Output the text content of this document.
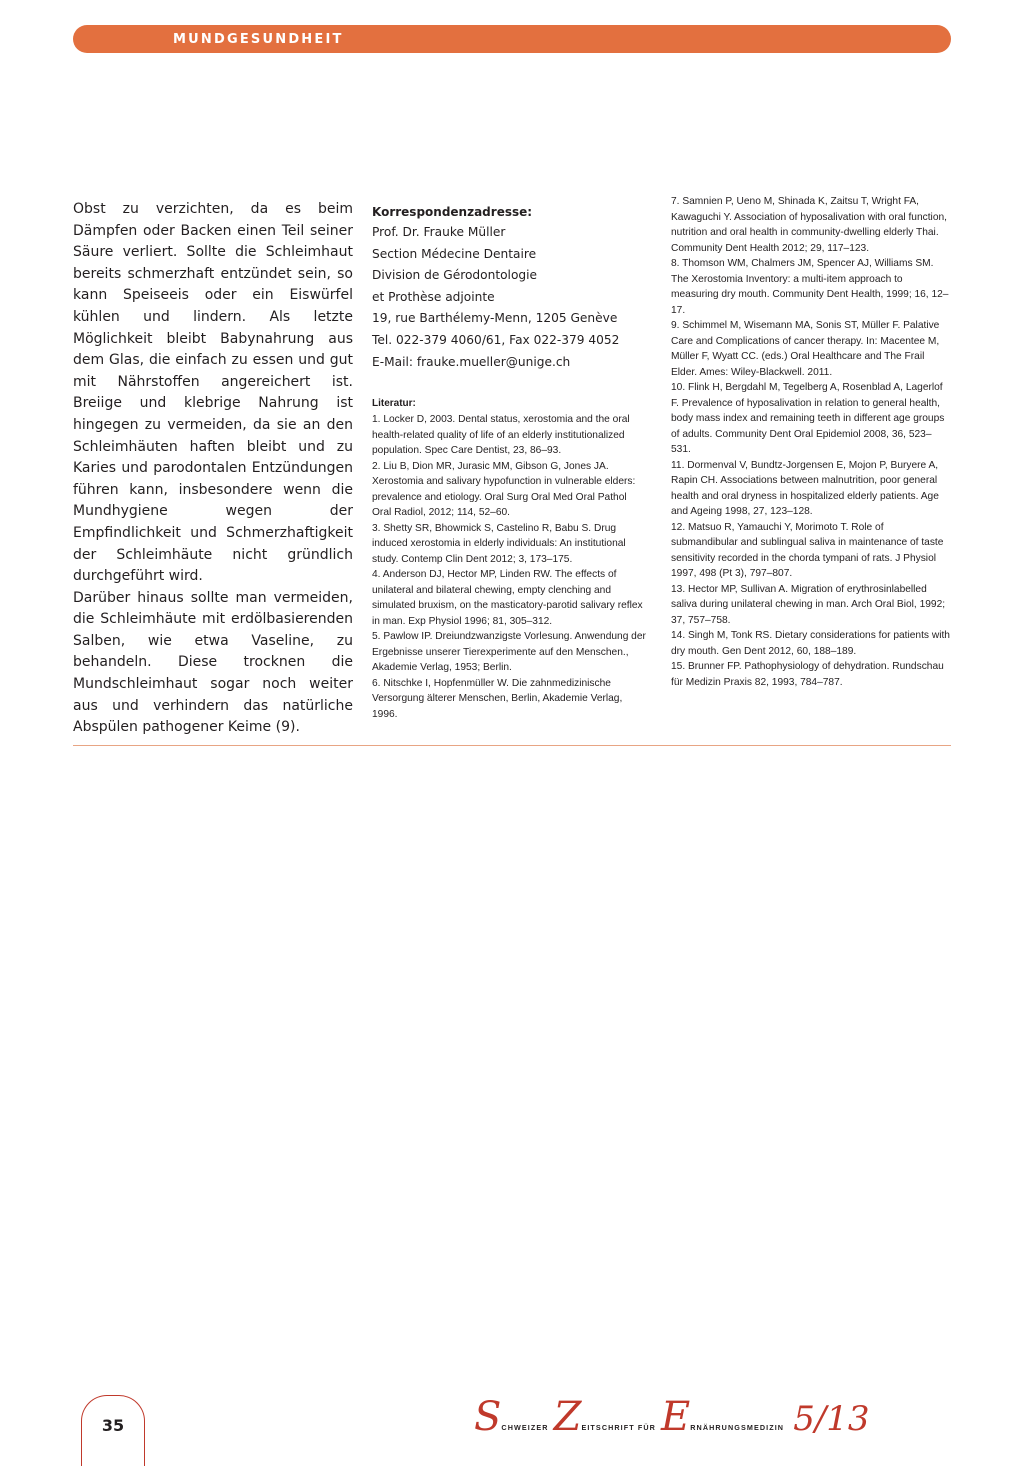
MUNDGESUNDHEIT

Obst zu verzichten, da es beim Dämpfen oder Backen einen Teil seiner Säure verliert. Sollte die Schleimhaut bereits schmerzhaft entzündet sein, so kann Speiseeis oder ein Eiswürfel kühlen und lindern. Als letzte Möglichkeit bleibt Babynahrung aus dem Glas, die einfach zu essen und gut mit Nährstoffen angereichert ist. Breiige und klebrige Nahrung ist hingegen zu vermeiden, da sie an den Schleimhäuten haften bleibt und zu Karies und parodontalen Entzündungen führen kann, insbesondere wenn die Mundhygiene wegen der Empfindlichkeit und Schmerzhaftigkeit der Schleimhäute nicht gründlich durchgeführt wird.

Darüber hinaus sollte man vermeiden, die Schleimhäute mit erdölbasierenden Salben, wie etwa Vaseline, zu behandeln. Diese trocknen die Mundschleimhaut sogar noch weiter aus und verhindern das natürliche Abspülen pathogener Keime (9).

Korrespondenzadresse:

Prof. Dr. Frauke Müller

Section Médecine Dentaire

Division de Gérodontologie

et Prothèse adjointe

19, rue Barthélemy-Menn, 1205 Genève

Tel. 022-379 4060/61, Fax 022-379 4052

E-Mail: frauke.mueller@unige.ch

Literatur:

1. Locker D, 2003. Dental status, xerostomia and the oral health-related quality of life of an elderly institutionalized population. Spec Care Dentist, 23, 86–93.

2. Liu B, Dion MR, Jurasic MM, Gibson G, Jones JA. Xerostomia and salivary hypofunction in vulnerable elders: prevalence and etiology. Oral Surg Oral Med Oral Pathol Oral Radiol, 2012; 114, 52–60.

3. Shetty SR, Bhowmick S, Castelino R, Babu S. Drug induced xerostomia in elderly individuals: An institutional study. Contemp Clin Dent 2012; 3, 173–175.

4. Anderson DJ, Hector MP, Linden RW. The effects of unilateral and bilateral chewing, empty clenching and simulated bruxism, on the masticatory-parotid salivary reflex in man. Exp Physiol 1996; 81, 305–312.

5. Pawlow IP. Dreiundzwanzigste Vorlesung. Anwendung der Ergebnisse unserer Tierexperimente auf den Menschen., Akademie Verlag, 1953; Berlin.

6. Nitschke I, Hopfenmüller W. Die zahnmedizinische Versorgung älterer Menschen, Berlin, Akademie Verlag, 1996.

7. Samnien P, Ueno M, Shinada K, Zaitsu T, Wright FA, Kawaguchi Y. Association of hyposalivation with oral function, nutrition and oral health in community-dwelling elderly Thai. Community Dent Health 2012; 29, 117–123.

8. Thomson WM, Chalmers JM, Spencer AJ, Williams SM. The Xerostomia Inventory: a multi-item approach to measuring dry mouth. Community Dent Health, 1999; 16, 12–17.

9. Schimmel M, Wisemann MA, Sonis ST, Müller F. Palative Care and Complications of cancer therapy. In: Macentee M, Müller F, Wyatt CC. (eds.) Oral Healthcare and The Frail Elder. Ames: Wiley-Blackwell. 2011.

10. Flink H, Bergdahl M, Tegelberg A, Rosenblad A, Lagerlof F. Prevalence of hyposalivation in relation to general health, body mass index and remaining teeth in different age groups of adults. Community Dent Oral Epidemiol 2008, 36, 523–531.

11. Dormenval V, Bundtz-Jorgensen E, Mojon P, Buryere A, Rapin CH. Associations between malnutrition, poor general health and oral dryness in hospitalized elderly patients. Age and Ageing 1998, 27, 123–128.

12. Matsuo R, Yamauchi Y, Morimoto T. Role of submandibular and sublingual saliva in maintenance of taste sensitivity recorded in the chorda tympani of rats. J Physiol 1997, 498 (Pt 3), 797–807.

13. Hector MP, Sullivan A. Migration of erythrosinlabelled saliva during unilateral chewing in man. Arch Oral Biol, 1992; 37, 757–758.

14. Singh M, Tonk RS. Dietary considerations for patients with dry mouth. Gen Dent 2012, 60, 188–189.

15. Brunner FP. Pathophysiology of dehydration. Rundschau für Medizin Praxis 82, 1993, 784–787.

35	SCHWEIZER ZEITSCHRIFT FÜR ERNÄHRUNGSMEDIZIN 5/13
